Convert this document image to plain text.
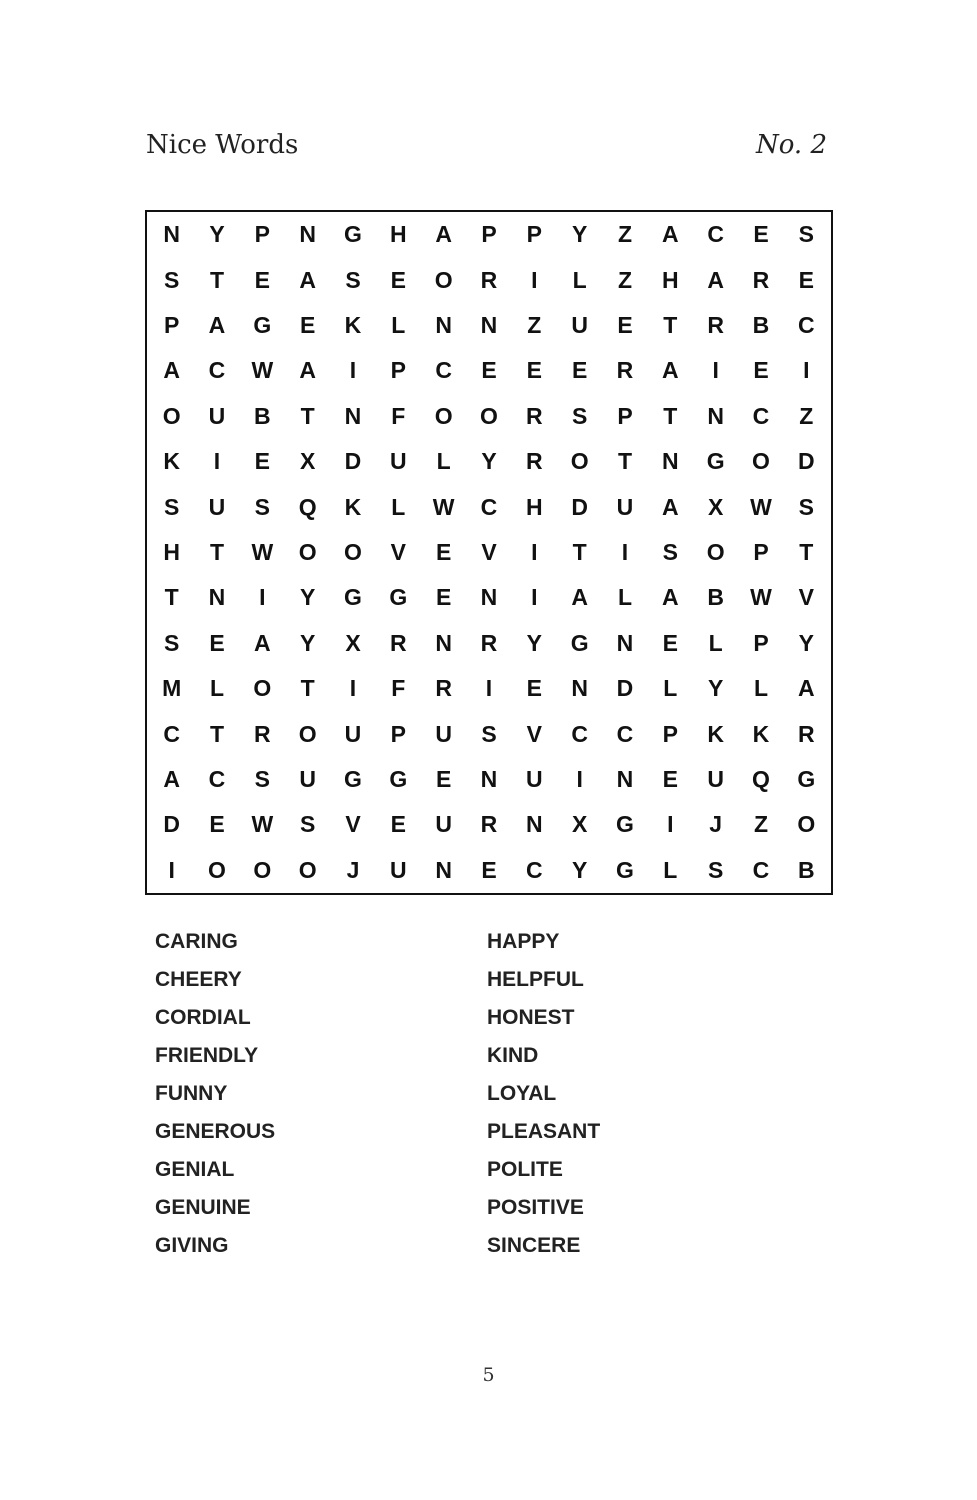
Nice Words	No. 2
N	Y	P	N	G	H	A	P	P	Y	Z	A	C	E	S
S	T	E	A	S	E	O	R	I	L	Z	H	A	R	E
P	A	G	E	K	L	N	N	Z	U	E	T	R	B	C
A	C	W	A	I	P	C	E	E	E	R	A	I	E	I
O	U	B	T	N	F	O	O	R	S	P	T	N	C	Z
K	I	E	X	D	U	L	Y	R	O	T	N	G	O	D
S	U	S	Q	K	L	W	C	H	D	U	A	X	W	S
H	T	W	O	O	V	E	V	I	T	I	S	O	P	T
T	N	I	Y	G	G	E	N	I	A	L	A	B	W	V
S	E	A	Y	X	R	N	R	Y	G	N	E	L	P	Y
M	L	O	T	I	F	R	I	E	N	D	L	Y	L	A
C	T	R	O	U	P	U	S	V	C	C	P	K	K	R
A	C	S	U	G	G	E	N	U	I	N	E	U	Q	G
D	E	W	S	V	E	U	R	N	X	G	I	J	Z	O
I	O	O	O	J	U	N	E	C	Y	G	L	S	C	B
CARING
CHEERY
CORDIAL
FRIENDLY
FUNNY
GENEROUS
GENIAL
GENUINE
GIVING
HAPPY
HELPFUL
HONEST
KIND
LOYAL
PLEASANT
POLITE
POSITIVE
SINCERE
5
